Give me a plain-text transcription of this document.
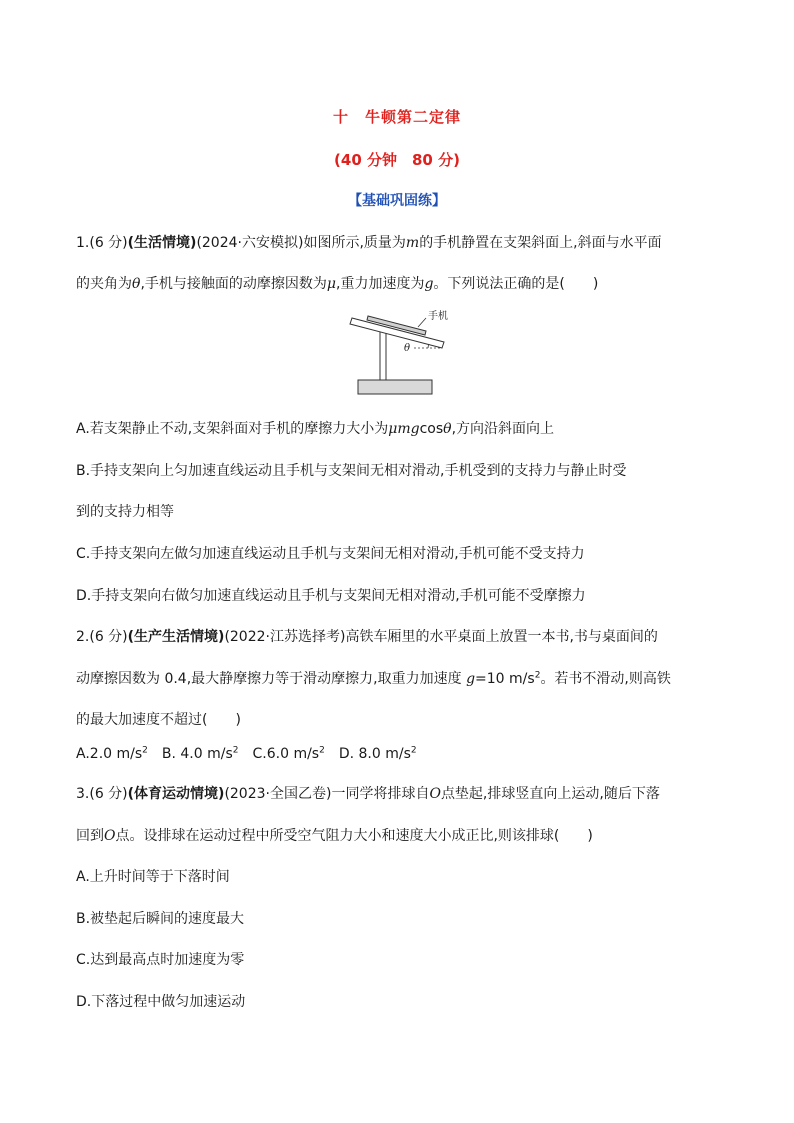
十　牛顿第二定律
(40 分钟　80 分)
【基础巩固练】
1.(6 分)(生活情境)(2024·六安模拟)如图所示,质量为m的手机静置在支架斜面上,斜面与水平面
的夹角为θ,手机与接触面的动摩擦因数为μ,重力加速度为g。下列说法正确的是(　　)
手机
θ
A.若支架静止不动,支架斜面对手机的摩擦力大小为μmgcosθ,方向沿斜面向上
B.手持支架向上匀加速直线运动且手机与支架间无相对滑动,手机受到的支持力与静止时受
到的支持力相等
C.手持支架向左做匀加速直线运动且手机与支架间无相对滑动,手机可能不受支持力
D.手持支架向右做匀加速直线运动且手机与支架间无相对滑动,手机可能不受摩擦力
2.(6 分)(生产生活情境)(2022·江苏选择考)高铁车厢里的水平桌面上放置一本书,书与桌面间的
动摩擦因数为 0.4,最大静摩擦力等于滑动摩擦力,取重力加速度 g=10 $m/s^2$。若书不滑动,则高铁
的最大加速度不超过(　　)
A.2.0 $m/s^2$　B. 4.0 $m/s^2$　C.6.0 $m/s^2$　D. 8.0 $m/s^2$
3.(6 分)(体育运动情境)(2023·全国乙卷)一同学将排球自O点垫起,排球竖直向上运动,随后下落
回到O点。设排球在运动过程中所受空气阻力大小和速度大小成正比,则该排球(　　)
A.上升时间等于下落时间
B.被垫起后瞬间的速度最大
C.达到最高点时加速度为零
D.下落过程中做匀加速运动
